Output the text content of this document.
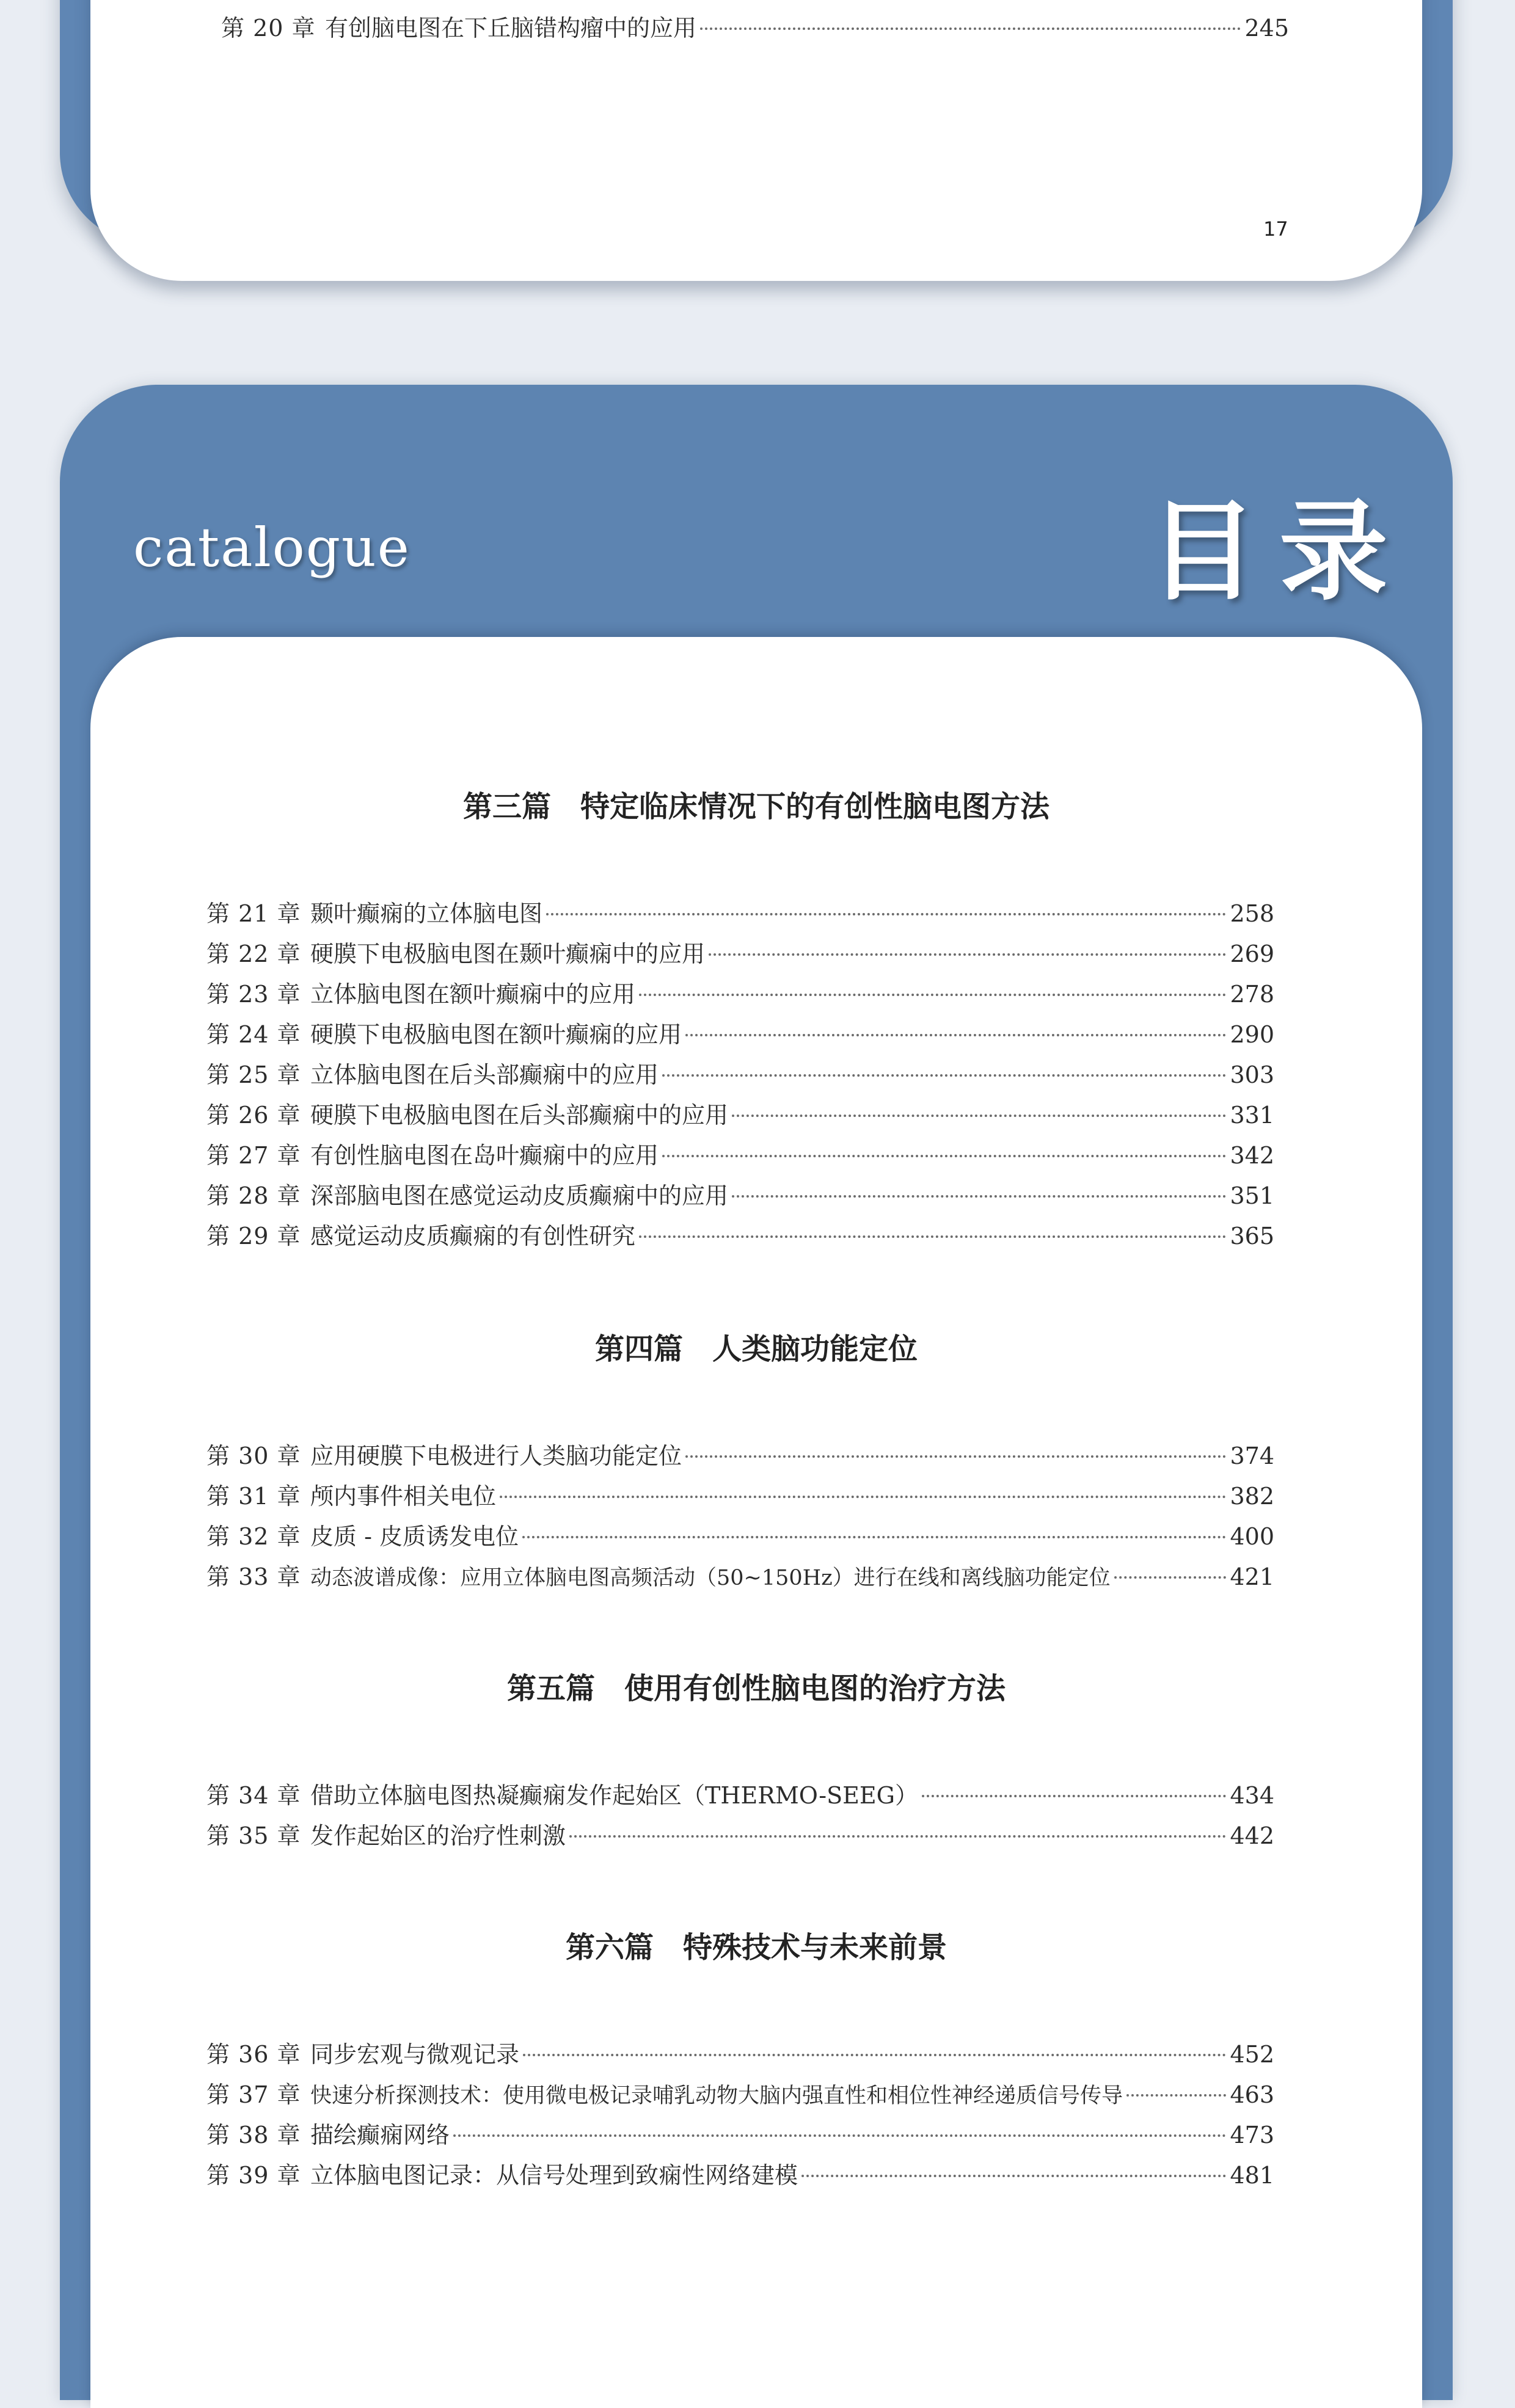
第 20 章 有创脑电图在下丘脑错构瘤中的应用	245
17
catalogue	目录
第三篇　特定临床情况下的有创性脑电图方法
第 21 章 颞叶癫痫的立体脑电图	258
第 22 章 硬膜下电极脑电图在颞叶癫痫中的应用	269
第 23 章 立体脑电图在额叶癫痫中的应用	278
第 24 章 硬膜下电极脑电图在额叶癫痫的应用	290
第 25 章 立体脑电图在后头部癫痫中的应用	303
第 26 章 硬膜下电极脑电图在后头部癫痫中的应用	331
第 27 章 有创性脑电图在岛叶癫痫中的应用	342
第 28 章 深部脑电图在感觉运动皮质癫痫中的应用	351
第 29 章 感觉运动皮质癫痫的有创性研究	365
第四篇　人类脑功能定位
第 30 章 应用硬膜下电极进行人类脑功能定位	374
第 31 章 颅内事件相关电位	382
第 32 章 皮质 - 皮质诱发电位	400
第 33 章 动态波谱成像：应用立体脑电图高频活动（50~150Hz）进行在线和离线脑功能定位	421
第五篇　使用有创性脑电图的治疗方法
第 34 章 借助立体脑电图热凝癫痫发作起始区（THERMO-SEEG）	434
第 35 章 发作起始区的治疗性刺激	442
第六篇　特殊技术与未来前景
第 36 章 同步宏观与微观记录	452
第 37 章 快速分析探测技术：使用微电极记录哺乳动物大脑内强直性和相位性神经递质信号传导	463
第 38 章 描绘癫痫网络	473
第 39 章 立体脑电图记录：从信号处理到致痫性网络建模	481
